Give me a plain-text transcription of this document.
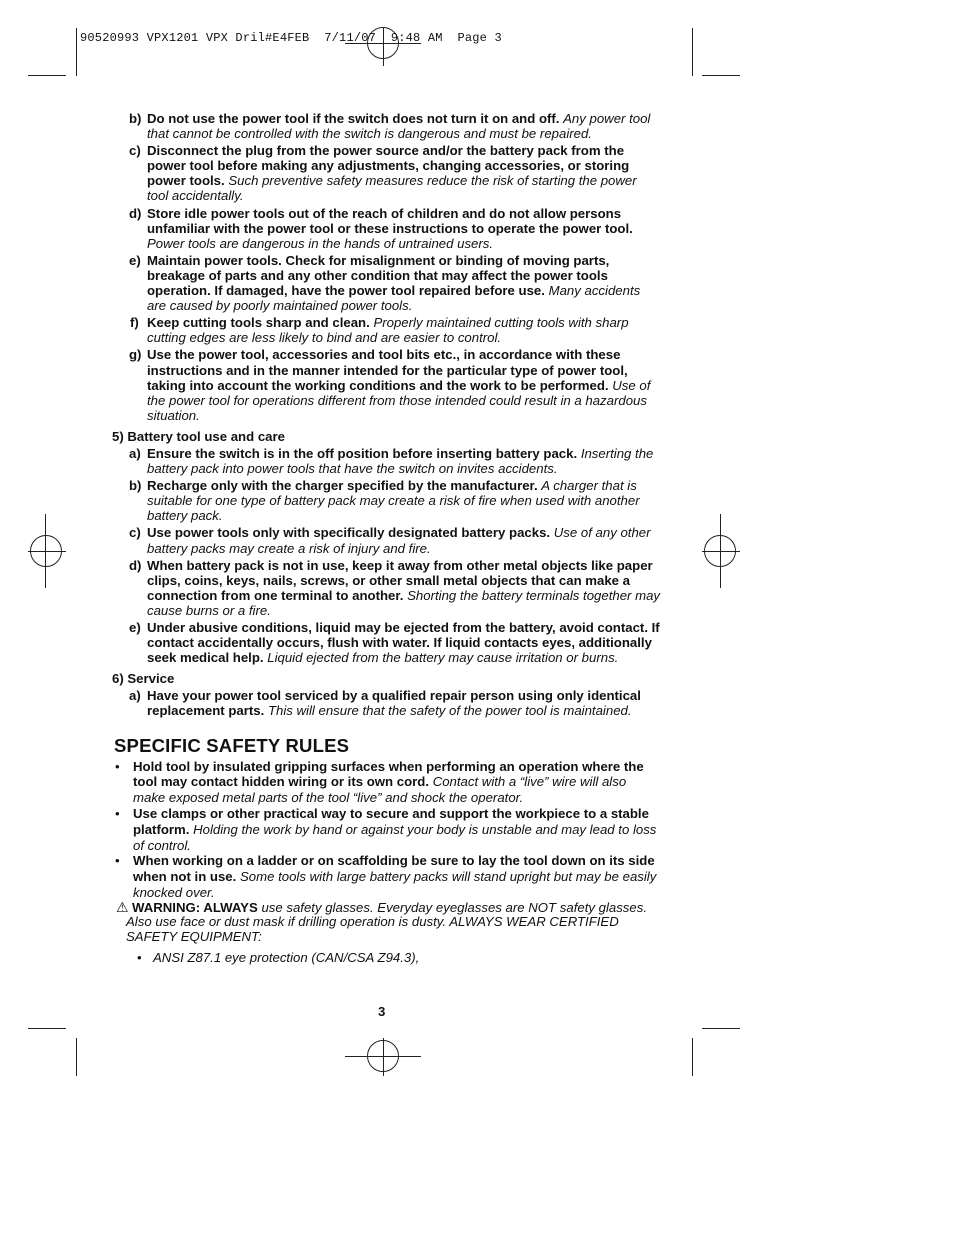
90520993 VPX1201 VPX Dril#E4FEB  7/11/07  9:48 AM  Page 3
b) Do not use the power tool if the switch does not turn it on and off. Any power tool that cannot be controlled with the switch is dangerous and must be repaired.
c) Disconnect the plug from the power source and/or the battery pack from the power tool before making any adjustments, changing accessories, or storing power tools. Such preventive safety measures reduce the risk of starting the power tool accidentally.
d) Store idle power tools out of the reach of children and do not allow persons unfamiliar with the power tool or these instructions to operate the power tool. Power tools are dangerous in the hands of untrained users.
e) Maintain power tools. Check for misalignment or binding of moving parts, breakage of parts and any other condition that may affect the power tools operation. If damaged, have the power tool repaired before use. Many accidents are caused by poorly maintained power tools.
f) Keep cutting tools sharp and clean. Properly maintained cutting tools with sharp cutting edges are less likely to bind and are easier to control.
g) Use the power tool, accessories and tool bits etc., in accordance with these instructions and in the manner intended for the particular type of power tool, taking into account the working conditions and the work to be performed. Use of the power tool for operations different from those intended could result in a hazardous situation.
5) Battery tool use and care
a) Ensure the switch is in the off position before inserting battery pack. Inserting the battery pack into power tools that have the switch on invites accidents.
b) Recharge only with the charger specified by the manufacturer. A charger that is suitable for one type of battery pack may create a risk of fire when used with another battery pack.
c) Use power tools only with specifically designated battery packs. Use of any other battery packs may create a risk of injury and fire.
d) When battery pack is not in use, keep it away from other metal objects like paper clips, coins, keys, nails, screws, or other small metal objects that can make a connection from one terminal to another. Shorting the battery terminals together may cause burns or a fire.
e) Under abusive conditions, liquid may be ejected from the battery, avoid contact. If contact accidentally occurs, flush with water. If liquid contacts eyes, additionally seek medical help. Liquid ejected from the battery may cause irritation or burns.
6) Service
a) Have your power tool serviced by a qualified repair person using only identical replacement parts. This will ensure that the safety of the power tool is maintained.
SPECIFIC SAFETY RULES
• Hold tool by insulated gripping surfaces when performing an operation where the tool may contact hidden wiring or its own cord. Contact with a “live” wire will also make exposed metal parts of the tool “live” and shock the operator.
• Use clamps or other practical way to secure and support the workpiece to a stable platform. Holding the work by hand or against your body is unstable and may lead to loss of control.
• When working on a ladder or on scaffolding be sure to lay the tool down on its side when not in use. Some tools with large battery packs will stand upright but may be easily knocked over.
⚠ WARNING: ALWAYS use safety glasses. Everyday eyeglasses are NOT safety glasses. Also use face or dust mask if drilling operation is dusty. ALWAYS WEAR CERTIFIED SAFETY EQUIPMENT:
• ANSI Z87.1 eye protection (CAN/CSA Z94.3),
3
